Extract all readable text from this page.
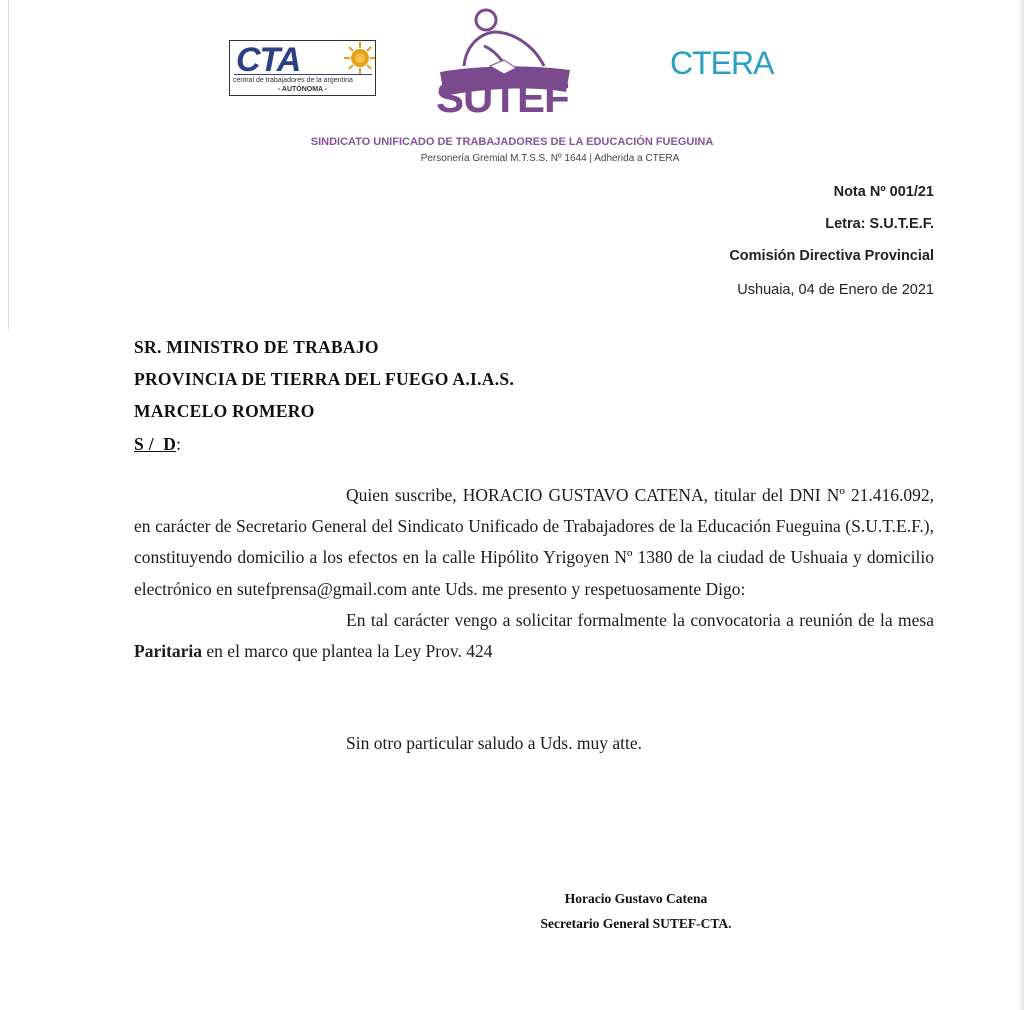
CTA
central de trabajadores de la argentina
- AUTÓNOMA -	SUTEF
CTERA
SINDICATO UNIFICADO DE TRABAJADORES DE LA EDUCACIÓN FUEGUINA
Personería Gremial M.T.S.S. Nº 1644 | Adherida a CTERA
Nota Nº 001/21
Letra: S.U.T.E.F.
Comisión Directiva Provincial
Ushuaia, 04 de Enero de 2021
SR. MINISTRO DE TRABAJO
PROVINCIA DE TIERRA DEL FUEGO A.I.A.S.
MARCELO ROMERO
S /  D:

Quien suscribe, HORACIO GUSTAVO CATENA, titular del DNI Nº 21.416.092, en carácter de Secretario General del Sindicato Unificado de Trabajadores de la Educación Fueguina (S.U.T.E.F.), constituyendo domicilio a los efectos en la calle Hipólito Yrigoyen Nº 1380 de la ciudad de Ushuaia y domicilio electrónico en sutefprensa@gmail.com ante Uds. me presento y respetuosamente Digo:

En tal carácter vengo a solicitar formalmente la convocatoria a reunión de la mesa Paritaria en el marco que plantea la Ley Prov. 424

Sin otro particular saludo a Uds. muy atte.
Horacio Gustavo Catena
Secretario General SUTEF-CTA.
